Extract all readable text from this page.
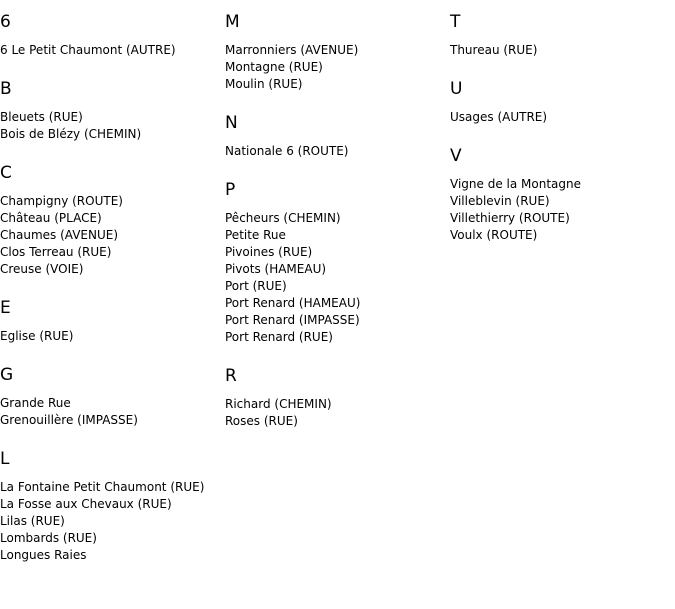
6
6 Le Petit Chaumont (AUTRE)
B
Bleuets (RUE)
Bois de Blézy (CHEMIN)
C
Champigny (ROUTE)
Château (PLACE)
Chaumes (AVENUE)
Clos Terreau (RUE)
Creuse (VOIE)
E
Eglise (RUE)
G
Grande Rue
Grenouillère (IMPASSE)
L
La Fontaine Petit Chaumont (RUE)
La Fosse aux Chevaux (RUE)
Lilas (RUE)
Lombards (RUE)
Longues Raies
M
Marronniers (AVENUE)
Montagne (RUE)
Moulin (RUE)
N
Nationale 6 (ROUTE)
P
Pêcheurs (CHEMIN)
Petite Rue
Pivoines (RUE)
Pivots (HAMEAU)
Port (RUE)
Port Renard (HAMEAU)
Port Renard (IMPASSE)
Port Renard (RUE)
R
Richard (CHEMIN)
Roses (RUE)
T
Thureau (RUE)
U
Usages (AUTRE)
V
Vigne de la Montagne
Villeblevin (RUE)
Villethierry (ROUTE)
Voulx (ROUTE)
